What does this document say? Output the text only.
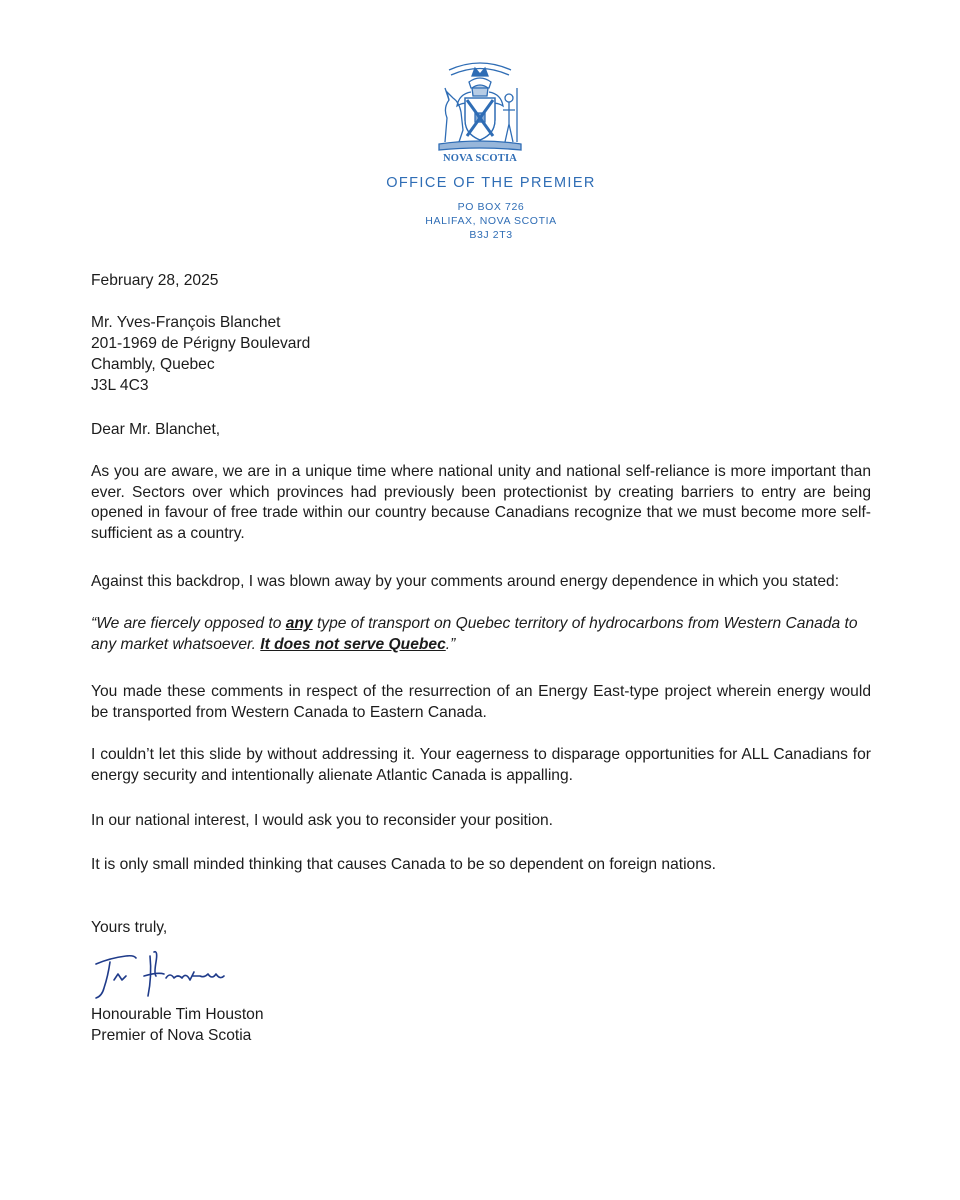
NOVA SCOTIA
OFFICE OF THE PREMIER
PO BOX 726
HALIFAX, NOVA SCOTIA
B3J 2T3
February 28, 2025
Mr. Yves-François Blanchet
201-1969 de Périgny Boulevard
Chambly, Quebec
J3L 4C3
Dear Mr. Blanchet,
As you are aware, we are in a unique time where national unity and national self-reliance is more important than ever. Sectors over which provinces had previously been protectionist by creating barriers to entry are being opened in favour of free trade within our country because Canadians recognize that we must become more self-sufficient as a country.
Against this backdrop, I was blown away by your comments around energy dependence in which you stated:
“We are fiercely opposed to any type of transport on Quebec territory of hydrocarbons from Western Canada to any market whatsoever. It does not serve Quebec.”
You made these comments in respect of the resurrection of an Energy East-type project wherein energy would be transported from Western Canada to Eastern Canada.
I couldn’t let this slide by without addressing it. Your eagerness to disparage opportunities for ALL Canadians for energy security and intentionally alienate Atlantic Canada is appalling.
In our national interest, I would ask you to reconsider your position.
It is only small minded thinking that causes Canada to be so dependent on foreign nations.
Yours truly,
Honourable Tim Houston
Premier of Nova Scotia
